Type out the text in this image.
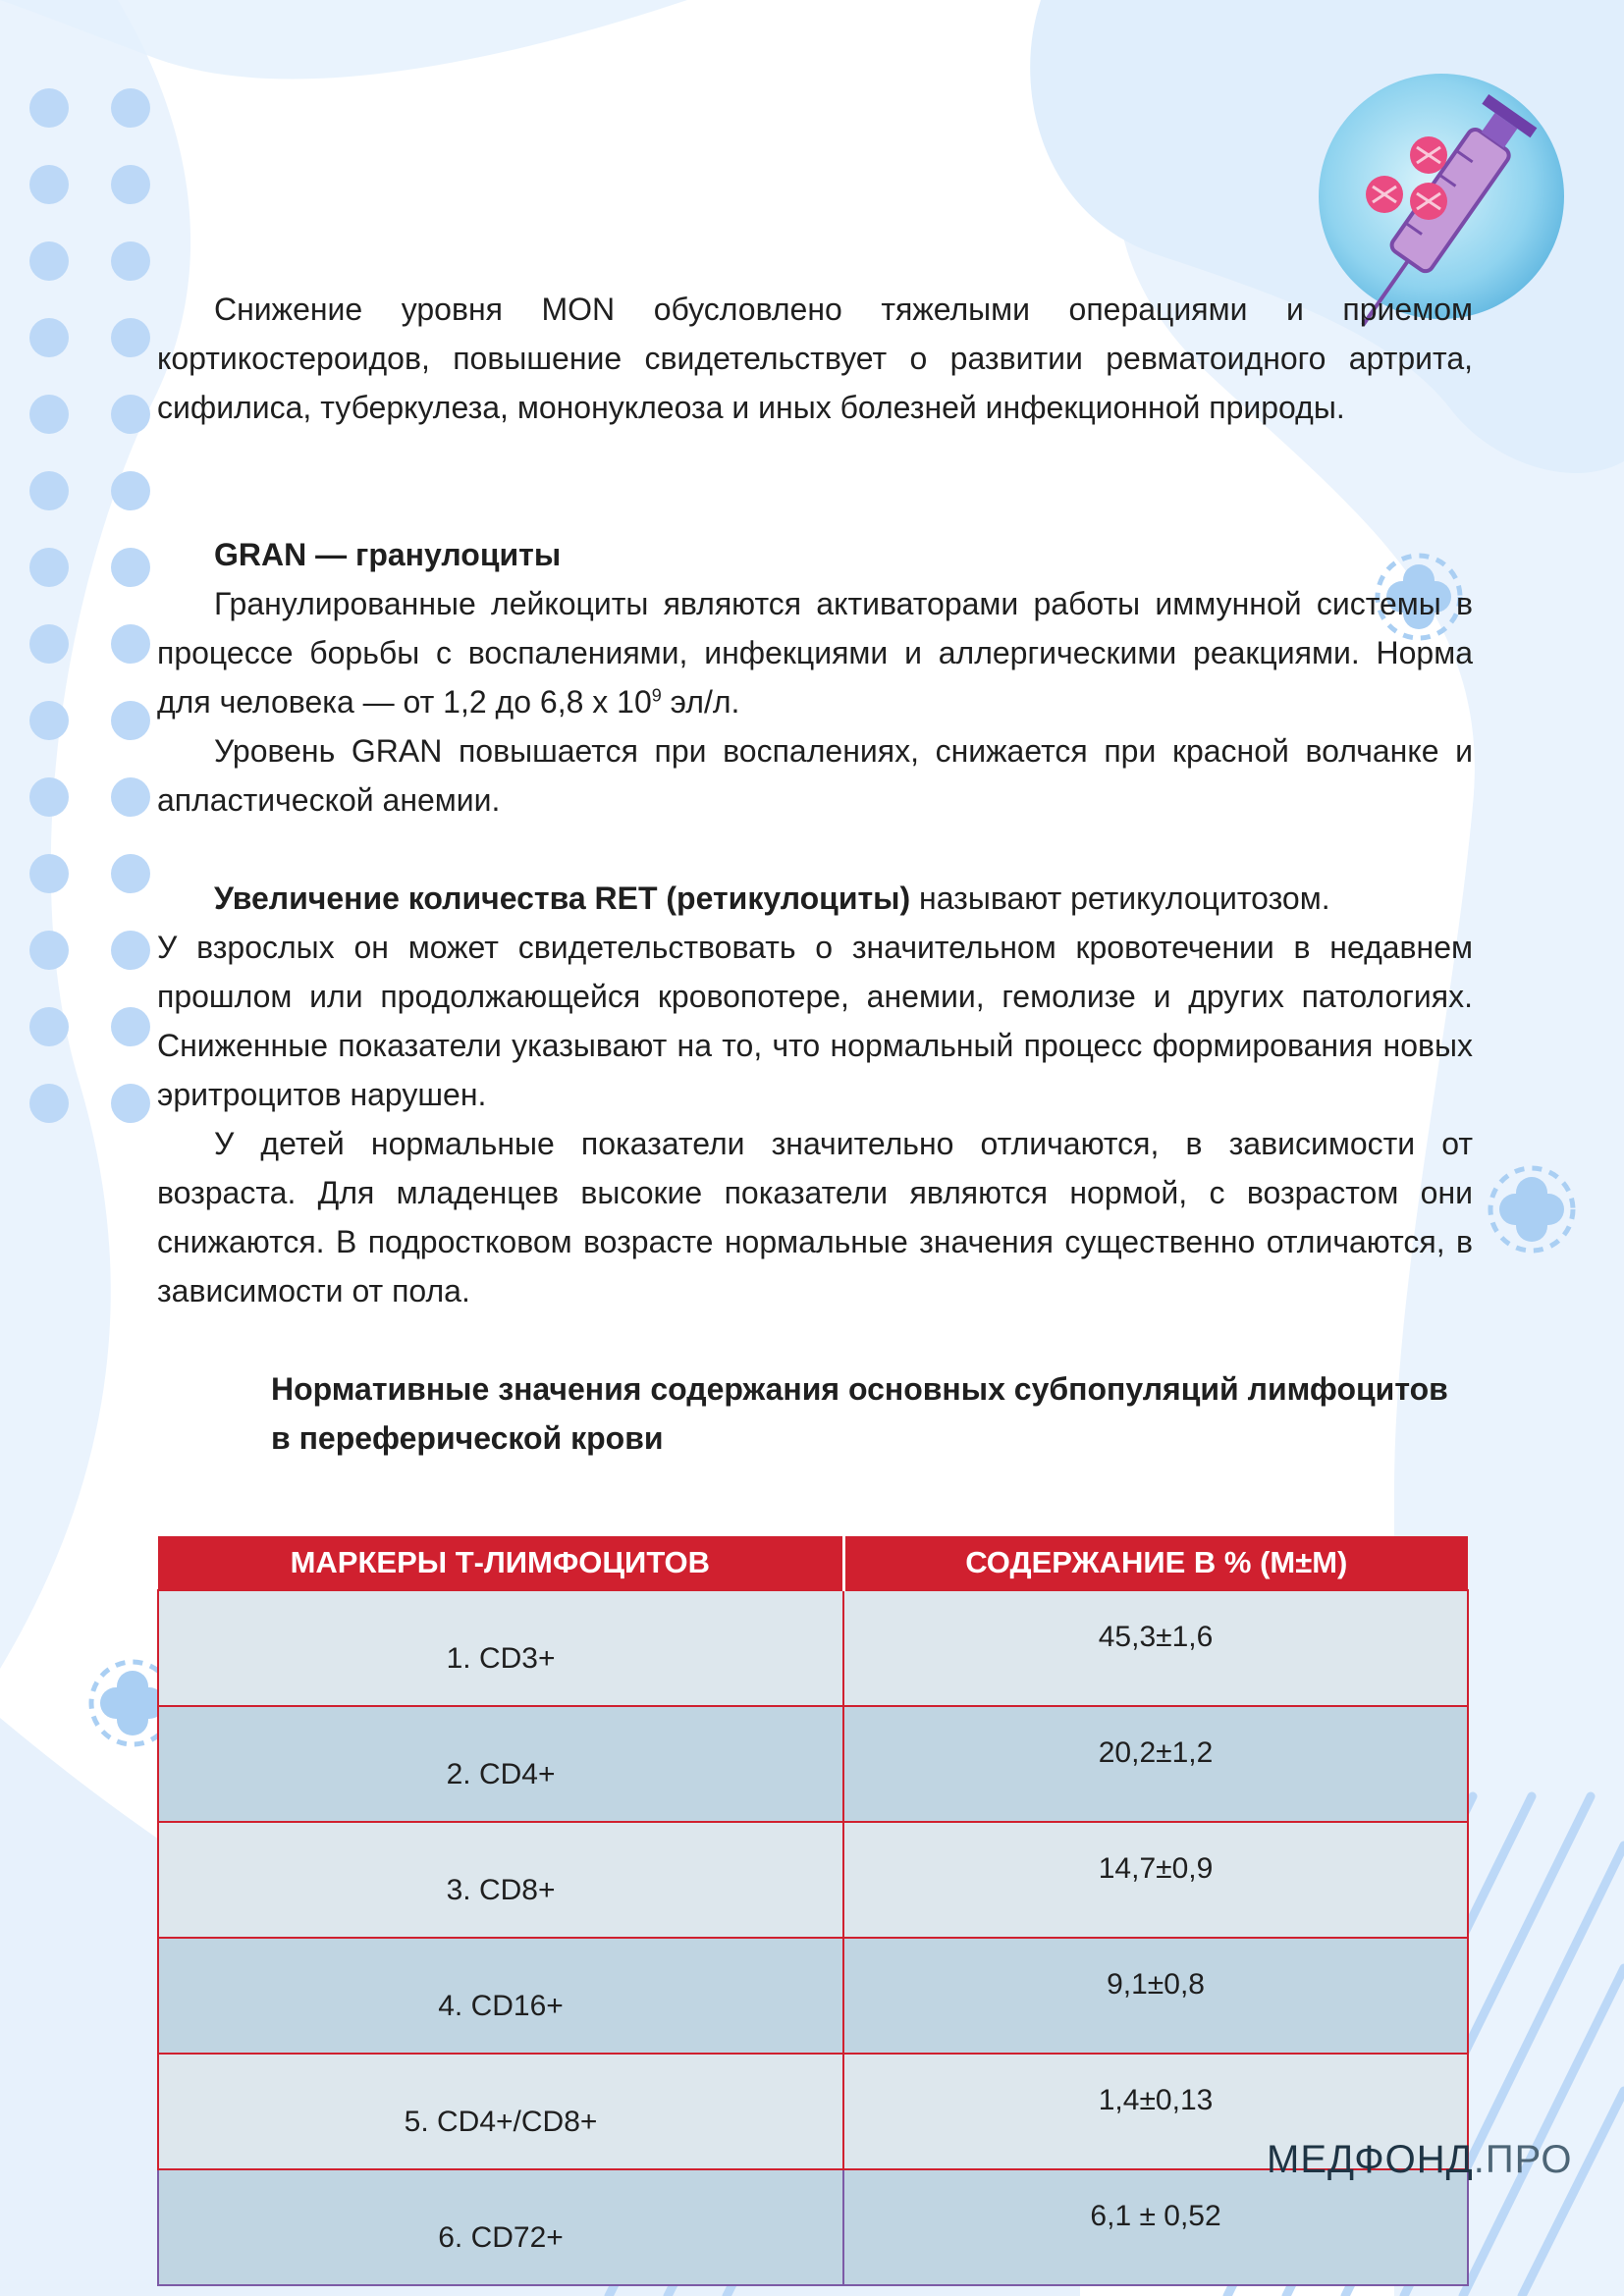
Снижение уровня MON обусловлено тяжелыми операциями и приемом кортикостероидов, повышение свидетельствует о развитии ревматоидного артрита, сифилиса, туберкулеза, мононуклеоза и иных болезней инфекционной природы.

GRAN — гранулоциты

Гранулированные лейкоциты являются активаторами работы иммунной системы в процессе борьбы с воспалениями, инфекциями и аллергическими реакциями. Норма для человека — от 1,2 до 6,8 х $10^9$ эл/л.

Уровень GRAN повышается при воспалениях, снижается при красной волчанке и апластической анемии.

Увеличение количества RET (ретикулоциты) называют ретикулоцитозом.

У взрослых он может свидетельствовать о значительном кровотечении в недавнем прошлом или продолжающейся кровопотере, анемии, гемолизе и других патологиях. Сниженные показатели указывают на то, что нормальный процесс формирования новых эритроцитов нарушен.

У детей нормальные показатели значительно отличаются, в зависимости от возраста. Для младенцев высокие показатели являются нормой, с возрастом они снижаются. В подростковом возрасте нормальные значения существенно отличаются, в зависимости от пола.

Нормативные значения содержания основных субпопуляций лимфоцитов

в переферической крови

МАРКЕРЫ Т-ЛИМФОЦИТОВ	СОДЕРЖАНИЕ В % (M±M)
1. CD3+	45,3±1,6
2. CD4+	20,2±1,2
3. CD8+	14,7±0,9
4. CD16+	9,1±0,8
5. CD4+/CD8+	1,4±0,13
6. CD72+	6,1 ± 0,52
МЕДФОНД.ПРО
